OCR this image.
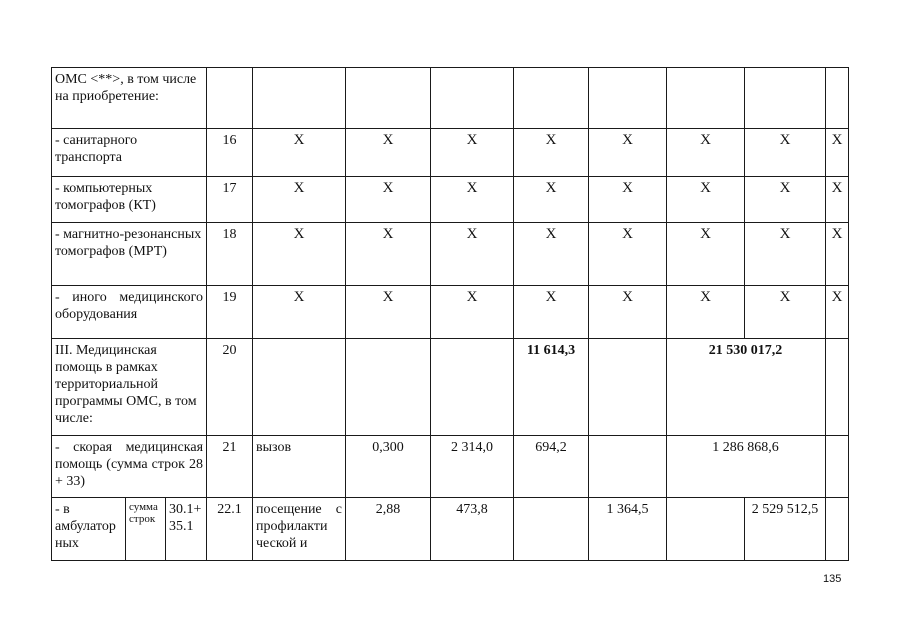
ОМС <**>, в том числе на приобретение:											
- санитарного транспорта			16	X	X	X	X	X	X	X	X
- компьютерных томографов (КТ)			17	X	X	X	X	X	X	X	X
- магнитно-резонансных томографов (МРТ)			18	X	X	X	X	X	X	X	X
- иного медицинского оборудования			19	X	X	X	X	X	X	X	X
III. Медицинская помощь в рамках территориальной программы ОМС, в том числе:			20				11 614,3		21 530 017,2		
- скорая медицинская помощь (сумма строк 28 + 33)			21	вызов	0,300	2 314,0	694,2		1 286 868,6		
- в амбулатор ных	сумма строк	30.1+ 35.1	22.1	посещение с профилакти ческой и	2,88	473,8		1 364,5		2 529 512,5	
135
